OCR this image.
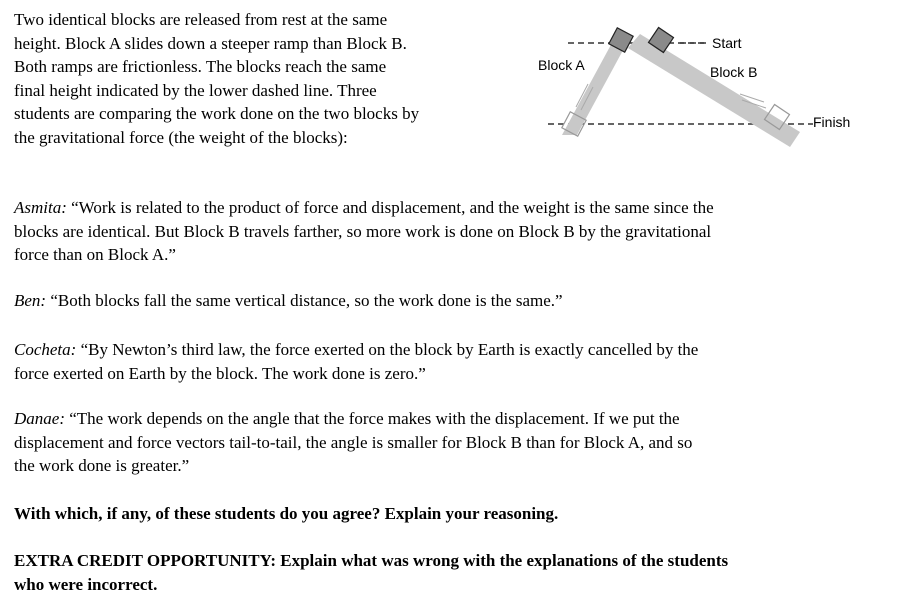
Two identical blocks are released from rest at the same
height. Block A slides down a steeper ramp than Block B.
Both ramps are frictionless. The blocks reach the same
final height indicated by the lower dashed line. Three
students are comparing the work done on the two blocks by
the gravitational force (the weight of the blocks):
Block A	Block B
Start
Finish
Asmita: “Work is related to the product of force and displacement, and the weight is the same since the
blocks are identical. But Block B travels farther, so more work is done on Block B by the gravitational
force than on Block A.”
Ben: “Both blocks fall the same vertical distance, so the work done is the same.”
Cocheta: “By Newton’s third law, the force exerted on the block by Earth is exactly cancelled by the
force exerted on Earth by the block. The work done is zero.”
Danae: “The work depends on the angle that the force makes with the displacement. If we put the
displacement and force vectors tail-to-tail, the angle is smaller for Block B than for Block A, and so
the work done is greater.”
With which, if any, of these students do you agree? Explain your reasoning.
EXTRA CREDIT OPPORTUNITY: Explain what was wrong with the explanations of the students
who were incorrect.
